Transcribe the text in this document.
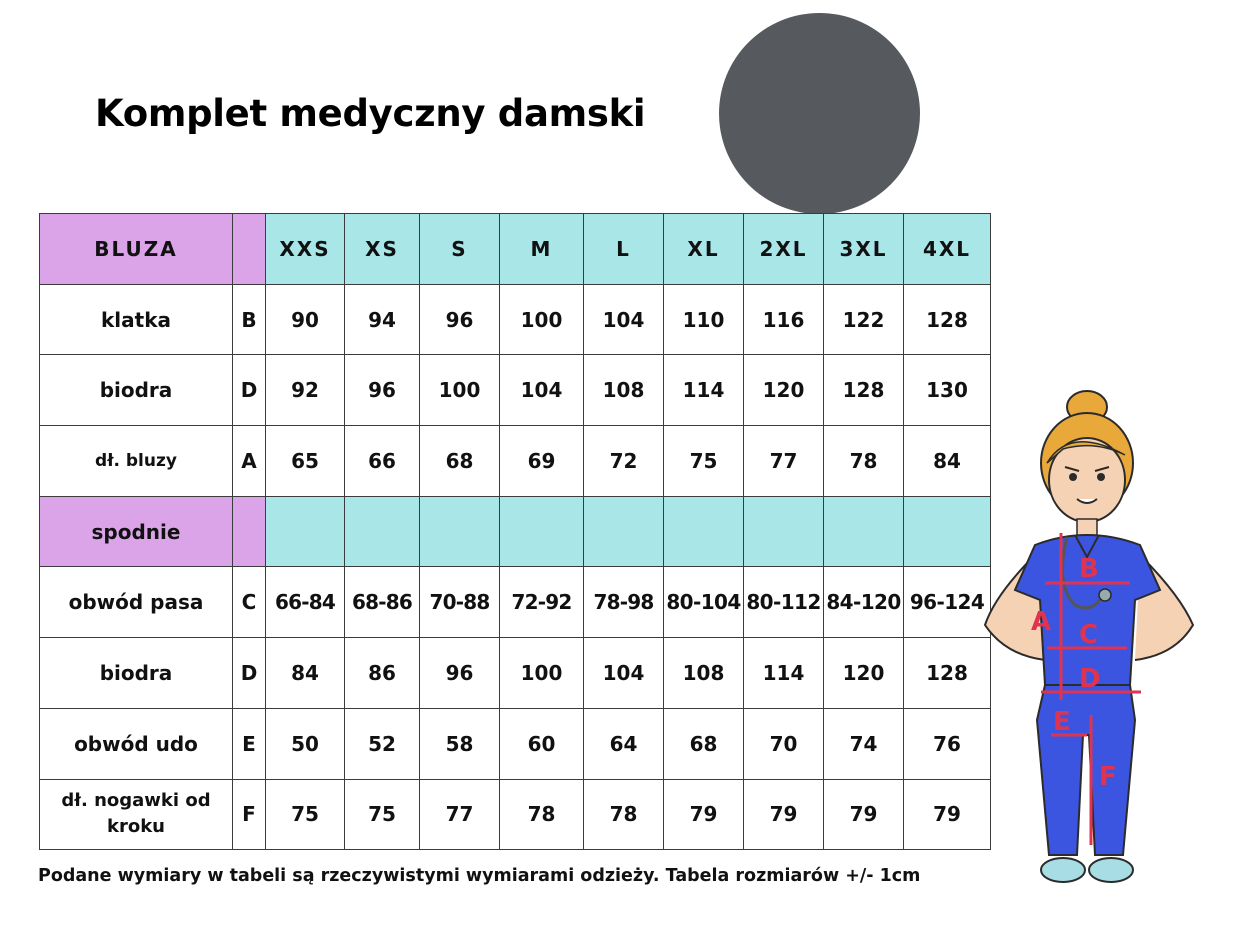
Komplet medyczny damski
BLUZA		XXS	XS	S	M	L	XL	2XL	3XL	4XL
klatka	B	90	94	96	100	104	110	116	122	128
biodra	D	92	96	100	104	108	114	120	128	130
dł. bluzy	A	65	66	68	69	72	75	77	78	84
spodnie										
obwód pasa	C	66-84	68-86	70-88	72-92	78-98	80-104	80-112	84-120	96-124
biodra	D	84	86	96	100	104	108	114	120	128
obwód udo	E	50	52	58	60	64	68	70	74	76
dł. nogawki od
kroku	F	75	75	77	78	78	79	79	79	79
Podane wymiary w tabeli są rzeczywistymi wymiarami odzieży. Tabela rozmiarów +/- 1cm
A
B
C
D
E
F
